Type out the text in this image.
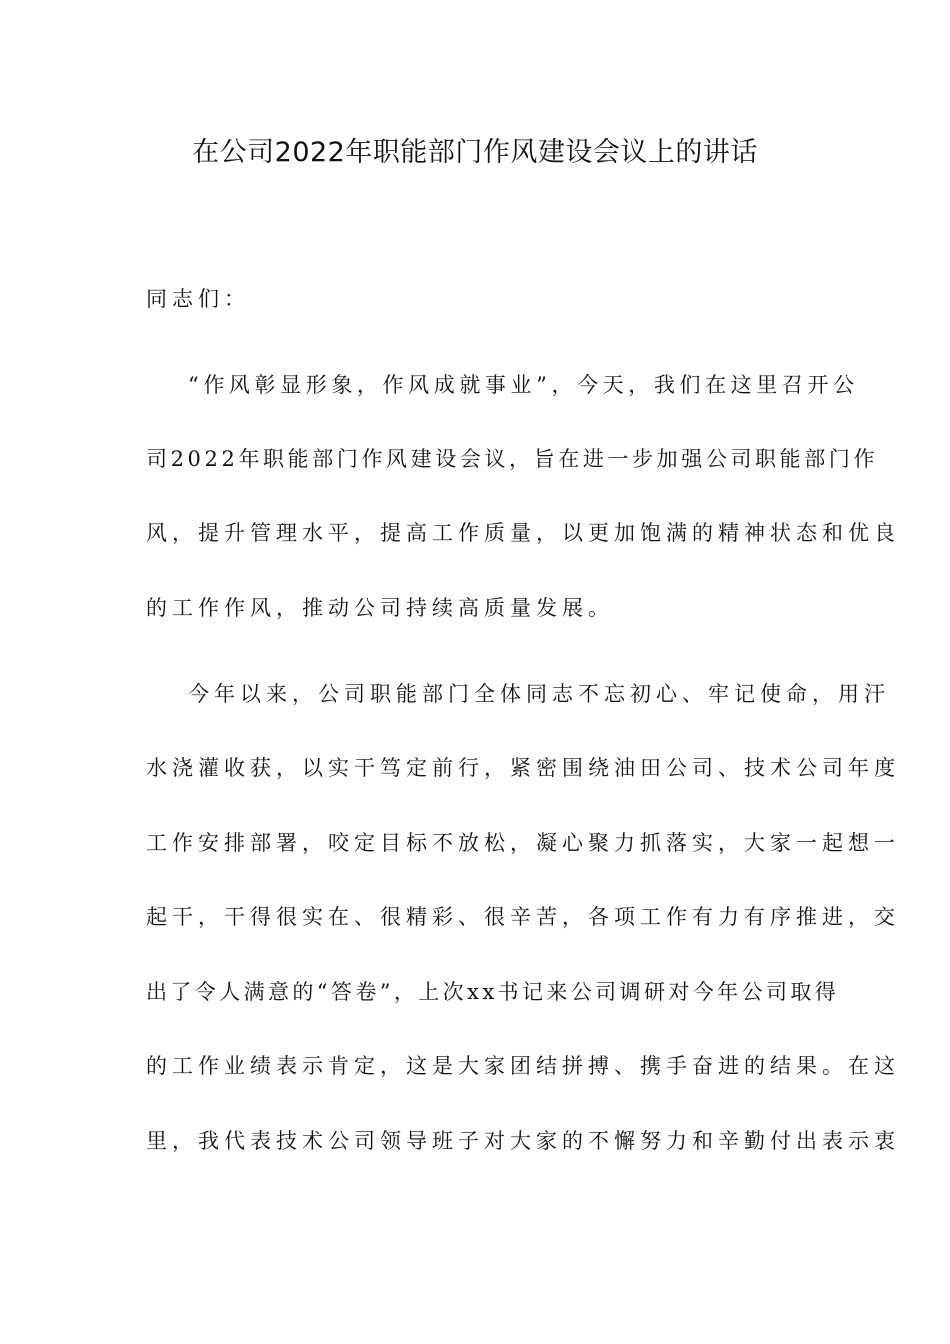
在公司2022年职能部门作风建设会议上的讲话
同志们：
“作风彰显形象，作风成就事业”，今天，我们在这里召开公
司2022年职能部门作风建设会议，旨在进一步加强公司职能部门作
风，提升管理水平，提高工作质量，以更加饱满的精神状态和优良
的工作作风，推动公司持续高质量发展。
今年以来，公司职能部门全体同志不忘初心、牢记使命，用汗
水浇灌收获，以实干笃定前行，紧密围绕油田公司、技术公司年度
工作安排部署，咬定目标不放松，凝心聚力抓落实，大家一起想一
起干，干得很实在、很精彩、很辛苦，各项工作有力有序推进，交
出了令人满意的“答卷”，上次xx书记来公司调研对今年公司取得
的工作业绩表示肯定，这是大家团结拼搏、携手奋进的结果。在这
里，我代表技术公司领导班子对大家的不懈努力和辛勤付出表示衷
